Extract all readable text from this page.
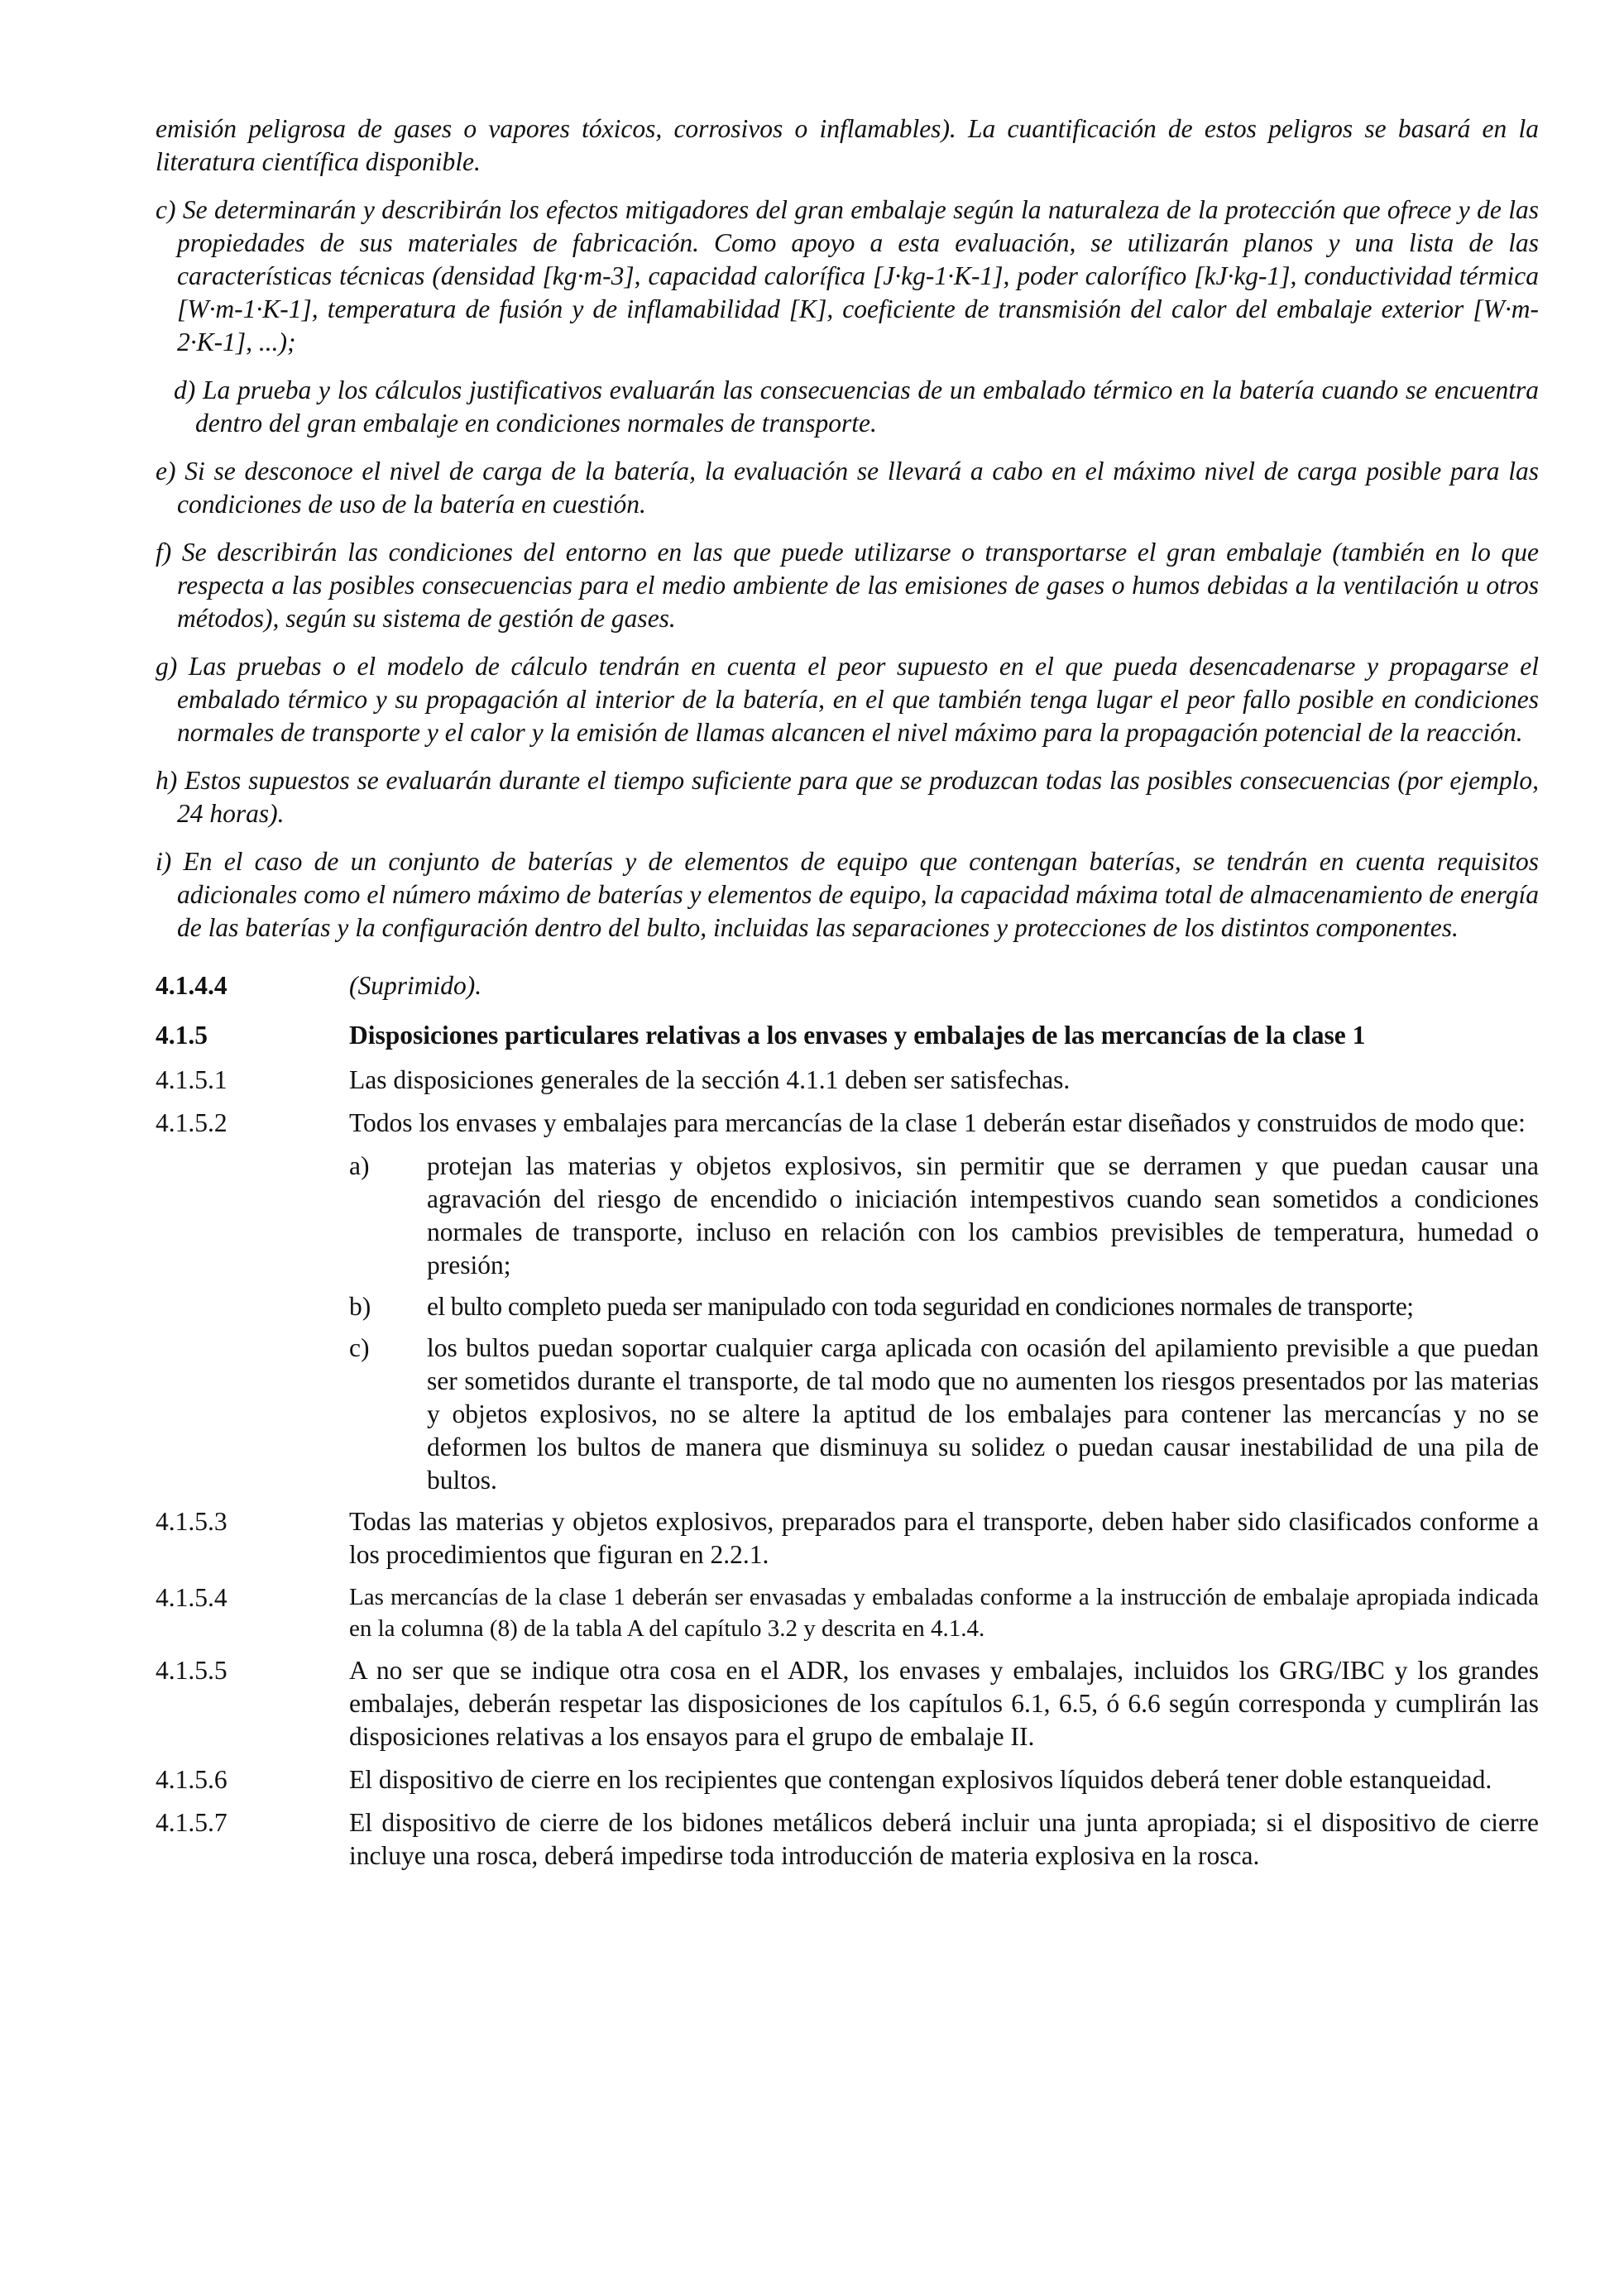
emisión peligrosa de gases o vapores tóxicos, corrosivos o inflamables). La cuantificación de estos peligros se basará en la literatura científica disponible.

c) Se determinarán y describirán los efectos mitigadores del gran embalaje según la naturaleza de la protección que ofrece y de las propiedades de sus materiales de fabricación. Como apoyo a esta evaluación, se utilizarán planos y una lista de las características técnicas (densidad [kg·m-3], capacidad calorífica [J·kg-1·K-1], poder calorífico [kJ·kg-1], conductividad térmica [W·m-1·K-1], temperatura de fusión y de inflamabilidad [K], coeficiente de transmisión del calor del embalaje exterior [W·m-2·K-1], ...);

d) La prueba y los cálculos justificativos evaluarán las consecuencias de un embalado térmico en la batería cuando se encuentra dentro del gran embalaje en condiciones normales de transporte.

e) Si se desconoce el nivel de carga de la batería, la evaluación se llevará a cabo en el máximo nivel de carga posible para las condiciones de uso de la batería en cuestión.

f) Se describirán las condiciones del entorno en las que puede utilizarse o transportarse el gran embalaje (también en lo que respecta a las posibles consecuencias para el medio ambiente de las emisiones de gases o humos debidas a la ventilación u otros métodos), según su sistema de gestión de gases.

g) Las pruebas o el modelo de cálculo tendrán en cuenta el peor supuesto en el que pueda desencadenarse y propagarse el embalado térmico y su propagación al interior de la batería, en el que también tenga lugar el peor fallo posible en condiciones normales de transporte y el calor y la emisión de llamas alcancen el nivel máximo para la propagación potencial de la reacción.

h) Estos supuestos se evaluarán durante el tiempo suficiente para que se produzcan todas las posibles consecuencias (por ejemplo, 24 horas).

i) En el caso de un conjunto de baterías y de elementos de equipo que contengan baterías, se tendrán en cuenta requisitos adicionales como el número máximo de baterías y elementos de equipo, la capacidad máxima total de almacenamiento de energía de las baterías y la configuración dentro del bulto, incluidas las separaciones y protecciones de los distintos componentes.

4.1.4.4	(Suprimido).
4.1.5	Disposiciones particulares relativas a los envases y embalajes de las mercancías de la clase 1
4.1.5.1	Las disposiciones generales de la sección 4.1.1 deben ser satisfechas.
4.1.5.2	Todos los envases y embalajes para mercancías de la clase 1 deberán estar diseñados y construidos de modo que:
a)	protejan las materias y objetos explosivos, sin permitir que se derramen y que puedan causar una agravación del riesgo de encendido o iniciación intempestivos cuando sean sometidos a condiciones normales de transporte, incluso en relación con los cambios previsibles de temperatura, humedad o presión;
b)	el bulto completo pueda ser manipulado con toda seguridad en condiciones normales de transporte;
c)	los bultos puedan soportar cualquier carga aplicada con ocasión del apilamiento previsible a que puedan ser sometidos durante el transporte, de tal modo que no aumenten los riesgos presentados por las materias y objetos explosivos, no se altere la aptitud de los embalajes para contener las mercancías y no se deformen los bultos de manera que disminuya su solidez o puedan causar inestabilidad de una pila de bultos.
4.1.5.3	Todas las materias y objetos explosivos, preparados para el transporte, deben haber sido clasificados conforme a los procedimientos que figuran en 2.2.1.
4.1.5.4	Las mercancías de la clase 1 deberán ser envasadas y embaladas conforme a la instrucción de embalaje apropiada indicada en la columna (8) de la tabla A del capítulo 3.2 y descrita en 4.1.4.
4.1.5.5	A no ser que se indique otra cosa en el ADR, los envases y embalajes, incluidos los GRG/IBC y los grandes embalajes, deberán respetar las disposiciones de los capítulos 6.1, 6.5, ó 6.6 según corresponda y cumplirán las disposiciones relativas a los ensayos para el grupo de embalaje II.
4.1.5.6	El dispositivo de cierre en los recipientes que contengan explosivos líquidos deberá tener doble estanqueidad.
4.1.5.7	El dispositivo de cierre de los bidones metálicos deberá incluir una junta apropiada; si el dispositivo de cierre incluye una rosca, deberá impedirse toda introducción de materia explosiva en la rosca.
